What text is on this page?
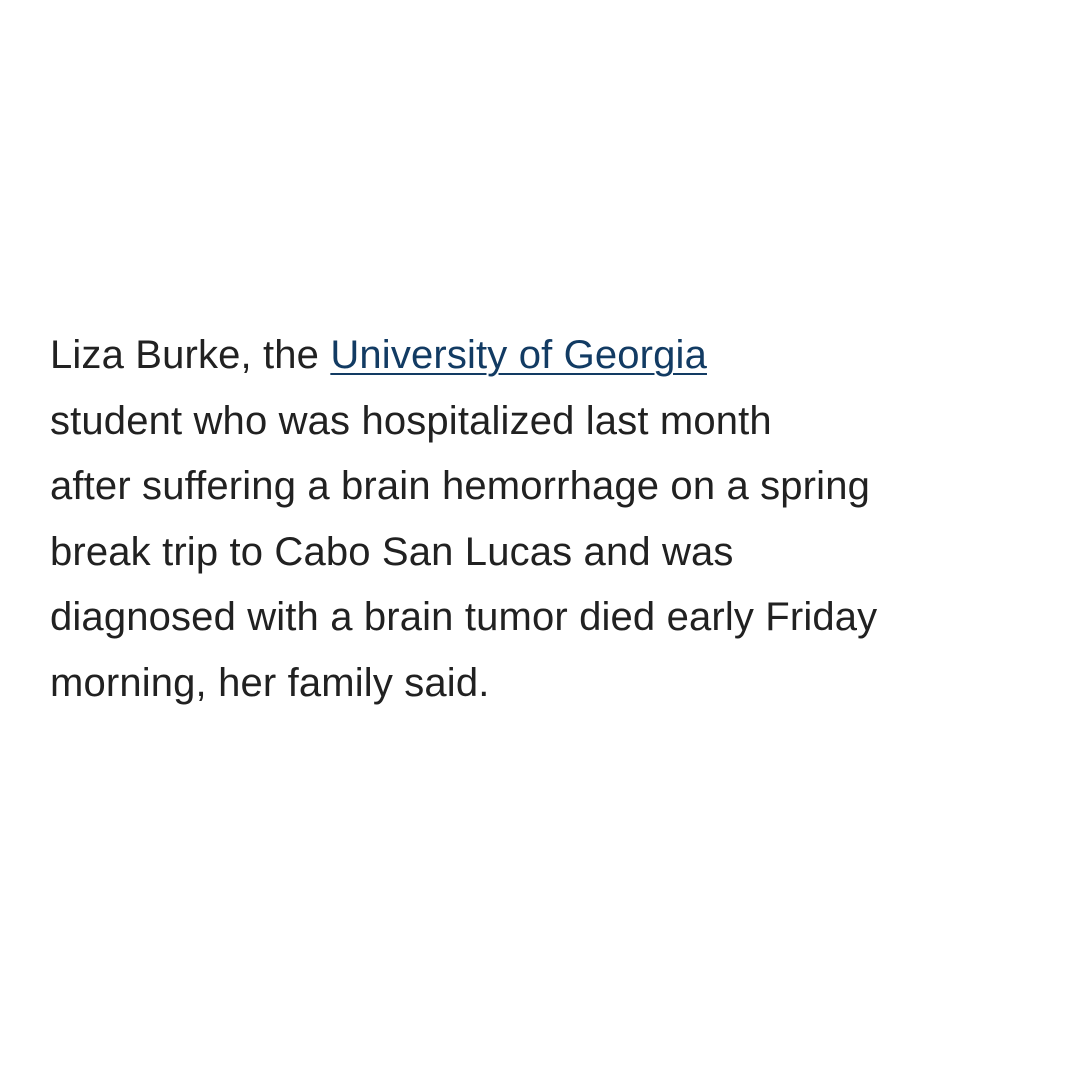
Liza Burke, the University of Georgia
student who was hospitalized last month
after suffering a brain hemorrhage on a spring
break trip to Cabo San Lucas and was
diagnosed with a brain tumor died early Friday
morning, her family said.
